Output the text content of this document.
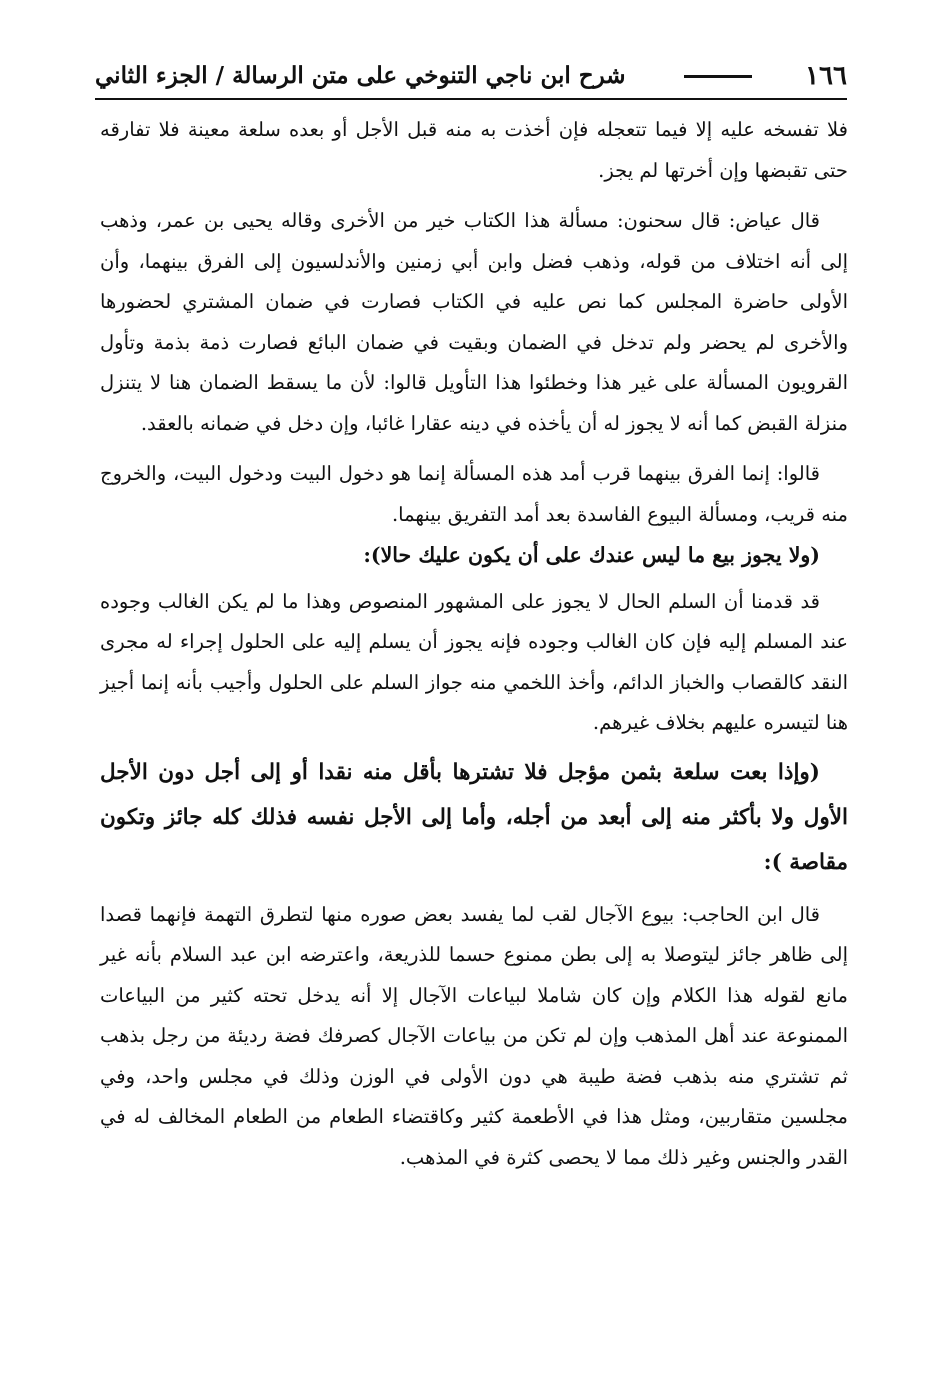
١٦٦
شرح ابن ناجي التنوخي على متن الرسالة / الجزء الثاني

فلا تفسخه عليه إلا فيما تتعجله فإن أخذت به منه قبل الأجل أو بعده سلعة معينة فلا تفارقه حتى تقبضها وإن أخرتها لم يجز.

قال عياض: قال سحنون: مسألة هذا الكتاب خير من الأخرى وقاله يحيى بن عمر، وذهب إلى أنه اختلاف من قوله، وذهب فضل وابن أبي زمنين والأندلسيون إلى الفرق بينهما، وأن الأولى حاضرة المجلس كما نص عليه في الكتاب فصارت في ضمان المشتري لحضورها والأخرى لم يحضر ولم تدخل في الضمان وبقيت في ضمان البائع فصارت ذمة بذمة وتأول القرويون المسألة على غير هذا وخطئوا هذا التأويل قالوا: لأن ما يسقط الضمان هنا لا يتنزل منزلة القبض كما أنه لا يجوز له أن يأخذه في دينه عقارا غائبا، وإن دخل في ضمانه بالعقد.

قالوا: إنما الفرق بينهما قرب أمد هذه المسألة إنما هو دخول البيت ودخول البيت، والخروج منه قريب، ومسألة البيوع الفاسدة بعد أمد التفريق بينهما.

(ولا يجوز بيع ما ليس عندك على أن يكون عليك حالا):

قد قدمنا أن السلم الحال لا يجوز على المشهور المنصوص وهذا ما لم يكن الغالب وجوده عند المسلم إليه فإن كان الغالب وجوده فإنه يجوز أن يسلم إليه على الحلول إجراء له مجرى النقد كالقصاب والخباز الدائم، وأخذ اللخمي منه جواز السلم على الحلول وأجيب بأنه إنما أجيز هنا لتيسره عليهم بخلاف غيرهم.

(وإذا بعت سلعة بثمن مؤجل فلا تشترها بأقل منه نقدا أو إلى أجل دون الأجل الأول ولا بأكثر منه إلى أبعد من أجله، وأما إلى الأجل نفسه فذلك كله جائز وتكون مقاصة ):

قال ابن الحاجب: بيوع الآجال لقب لما يفسد بعض صوره منها لتطرق التهمة فإنهما قصدا إلى ظاهر جائز ليتوصلا به إلى بطن ممنوع حسما للذريعة، واعترضه ابن عبد السلام بأنه غير مانع لقوله هذا الكلام وإن كان شاملا لبياعات الآجال إلا أنه يدخل تحته كثير من البياعات الممنوعة عند أهل المذهب وإن لم تكن من بياعات الآجال كصرفك فضة رديئة من رجل بذهب ثم تشتري منه بذهب فضة طيبة هي دون الأولى في الوزن وذلك في مجلس واحد، وفي مجلسين متقاربين، ومثل هذا في الأطعمة كثير وكاقتضاء الطعام من الطعام المخالف له في القدر والجنس وغير ذلك مما لا يحصى كثرة في المذهب.
